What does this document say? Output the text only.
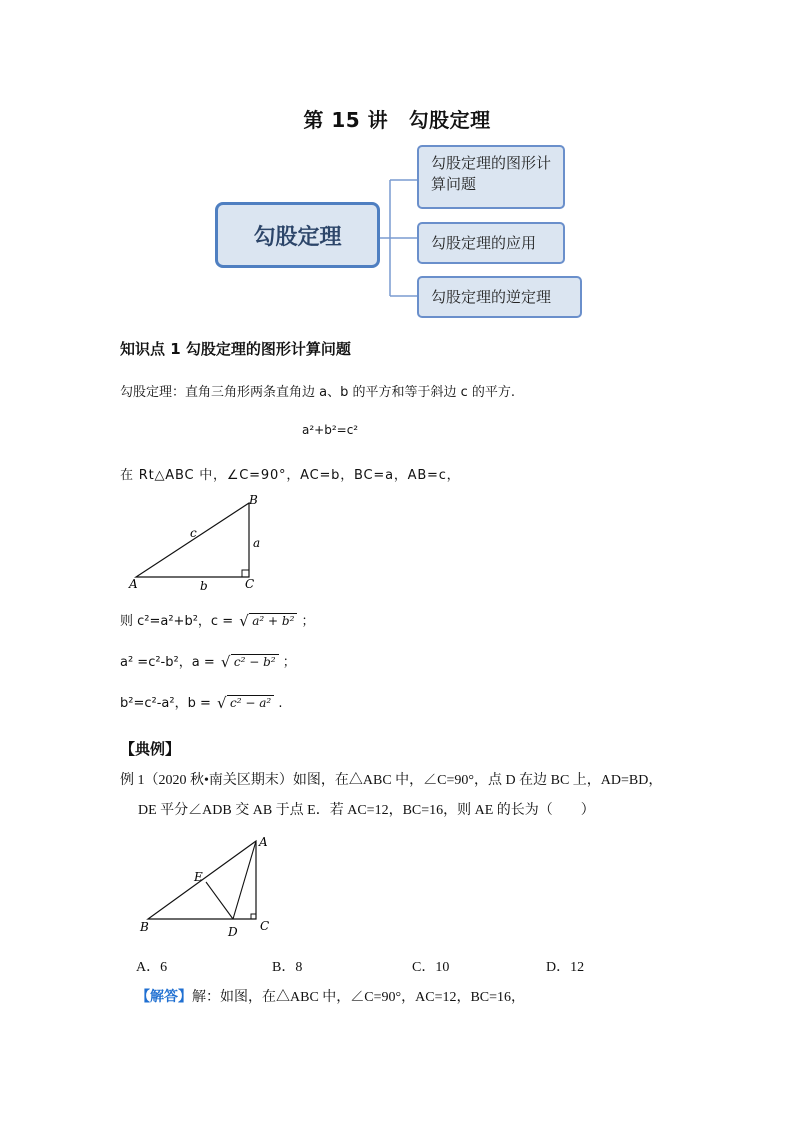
第 15 讲　勾股定理
勾股定理
勾股定理的图形计算问题
勾股定理的应用
勾股定理的逆定理
知识点 1 勾股定理的图形计算问题
勾股定理：直角三角形两条直角边 a、b 的平方和等于斜边 c 的平方.
a²+b²=c²
在 Rt△ABC 中，∠C=90°，AC=b，BC=a，AB=c，
A
B
C
a
b
c
则 c²=a²+b²，c = √ a² + b² ；
a² =c²-b²，a = √ c² − b² ；
b²=c²-a²，b = √ c² − a² .
【典例】
例 1（2020 秋•南关区期末）如图，在△ABC 中，∠C=90°，点 D 在边 BC 上，AD=BD，
DE 平分∠ADB 交 AB 于点 E．若 AC=12，BC=16，则 AE 的长为（　　）
A
B	C
D
E
A．6	B．8	C．10	D．12
【解答】解：如图，在△ABC 中，∠C=90°，AC=12，BC=16，
